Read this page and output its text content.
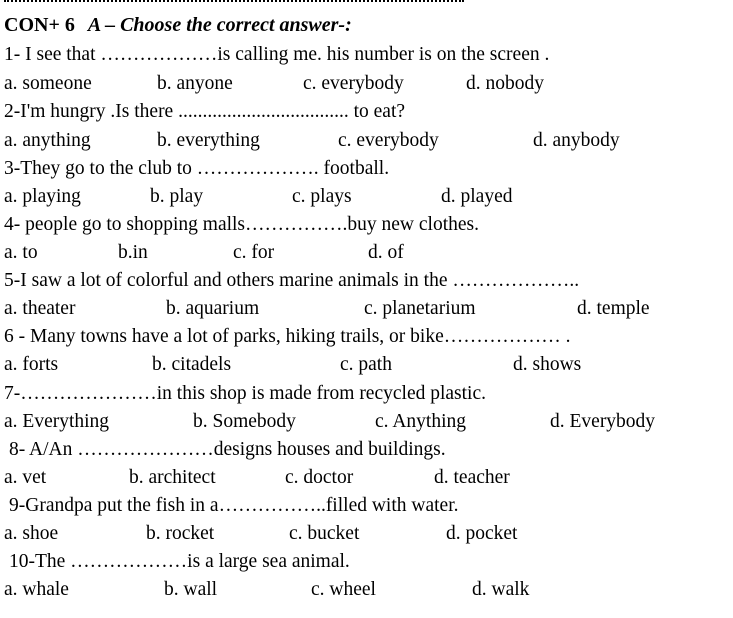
CON+ 6 A – Choose the correct answer-:
1- I see that ………………is calling me. his number is on the screen .
a. someone	b. anyone	c. everybody	d. nobody
2-I'm hungry .Is there ................................... to eat?
a. anything	b. everything	c. everybody	d. anybody
3-They go to the club to ………………. football.
a. playing	b. play	c. plays	d. played
4- people go to shopping malls…………….buy new clothes.
a. to	b.in	c. for	d. of
5-I saw a lot of colorful and others marine animals in the ………………..
a. theater	b. aquarium	c. planetarium	d. temple
6 - Many towns have a lot of parks, hiking trails, or bike……………… .
a. forts	b. citadels	c. path	d. shows
7-…………………in this shop is made from recycled plastic.
a. Everything	b. Somebody	c. Anything	d. Everybody
8- A/An …………………designs houses and buildings.
a. vet	b. architect	c. doctor	d. teacher
9-Grandpa put the fish in a……………..filled with water.
a. shoe	b. rocket	c. bucket	d. pocket
10-The ………………is a large sea animal.
a. whale	b. wall	c. wheel	d. walk
